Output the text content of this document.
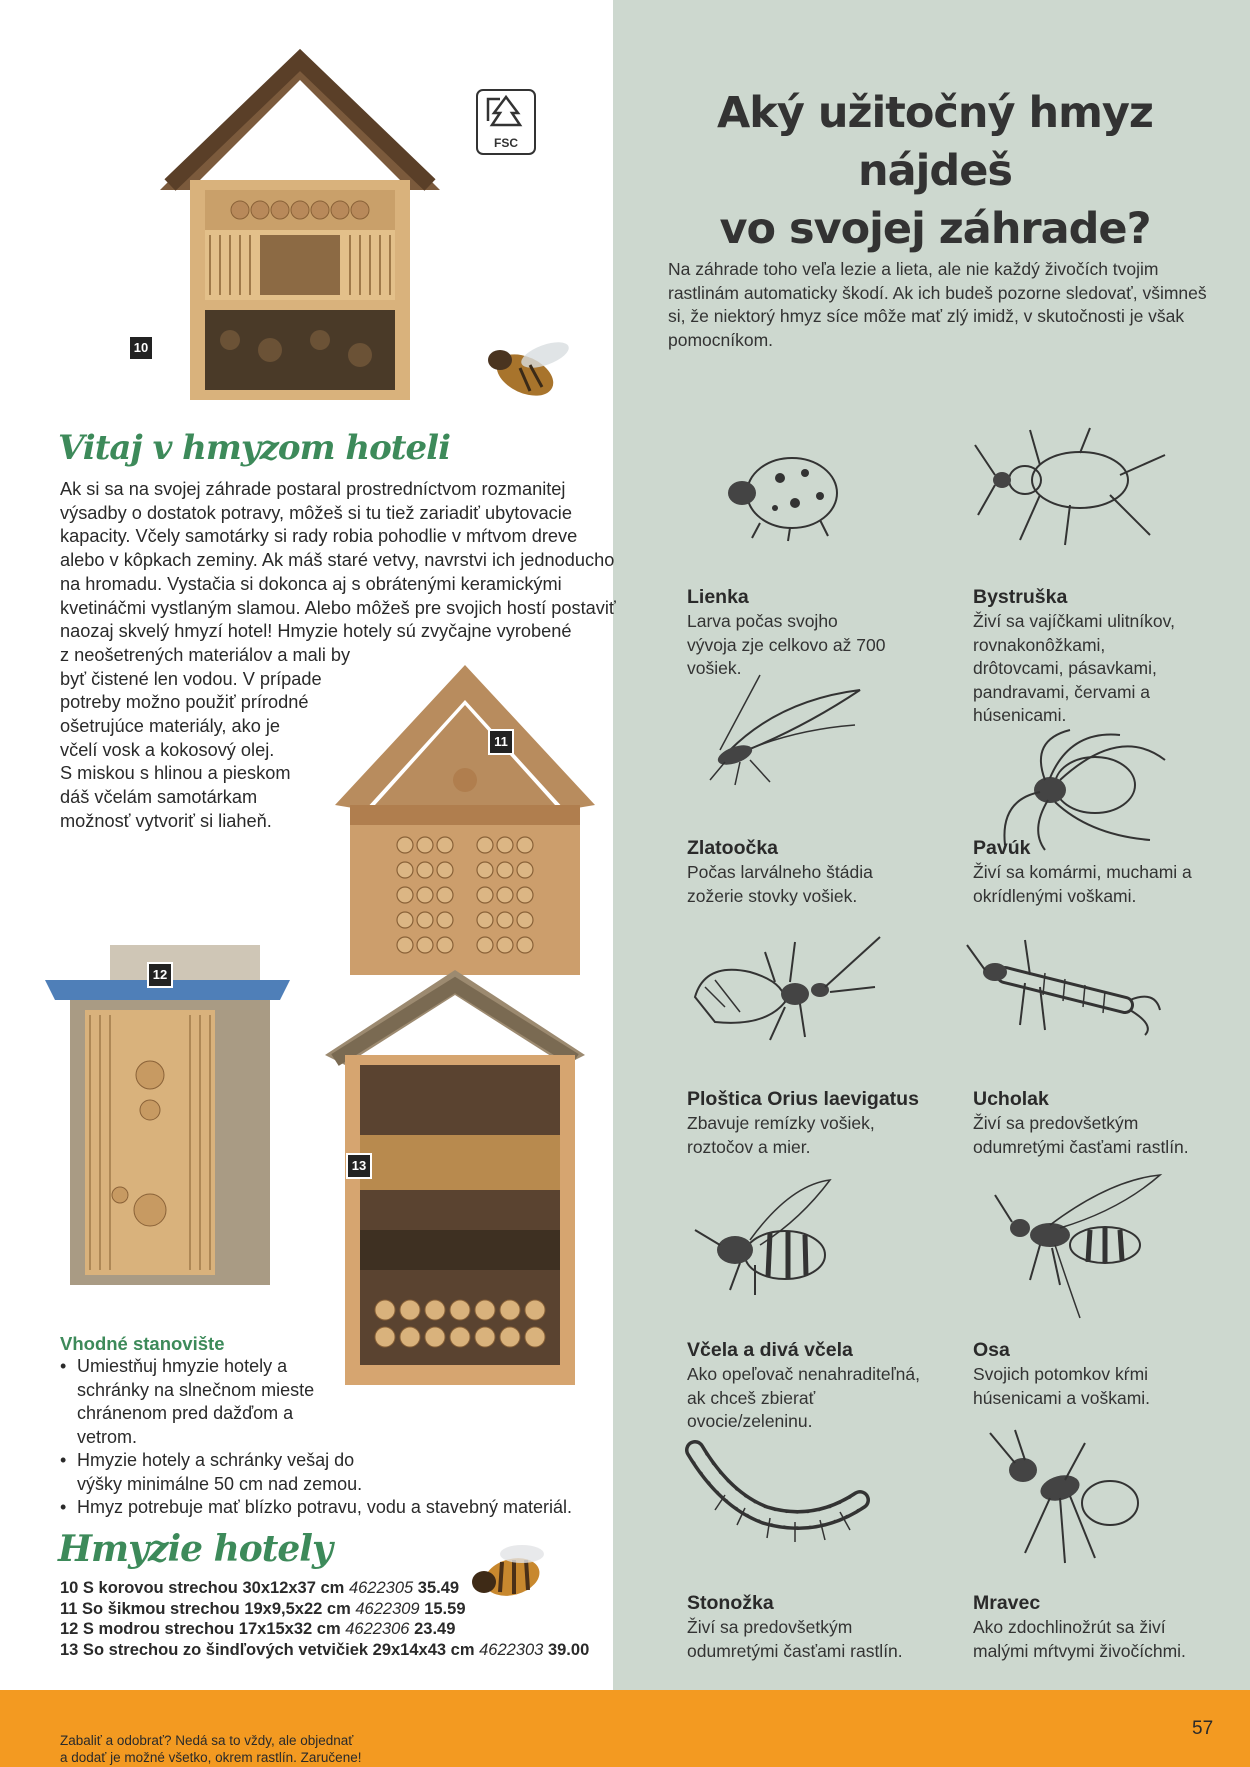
10
FSC
11
12
13
Aký užitočný hmyz nájdeš
vo svojej záhrade?
Na záhrade toho veľa lezie a lieta, ale nie každý živočích tvojim rastlinám automaticky škodí. Ak ich budeš pozorne sledovať, všimneš si, že niektorý hmyz síce môže mať zlý imidž, v skutočnosti je však pomocníkom.
Lienka
Larva počas svojho vývoja zje celkovo až 700 vošiek.
Bystruška
Živí sa vajíčkami ulitníkov, rovnakonôžkami, drôtovcami, pásavkami, pandravami, červami a húsenicami.
Zlatoočka
Počas larválneho štádia zožerie stovky vošiek.
Pavúk
Živí sa komármi, muchami a okrídlenými voškami.
Ploštica Orius laevigatus
Zbavuje remízky vošiek, roztočov a mier.
Ucholak
Živí sa predovšetkým odumretými časťami rastlín.
Včela a divá včela
Ako opeľovač nenahraditeľná, ak chceš zbierať ovocie/zeleninu.
Osa
Svojich potomkov kŕmi húsenicami a voškami.
Stonožka
Živí sa predovšetkým odumretými časťami rastlín.
Mravec
Ako zdochlinožrút sa živí malými mŕtvymi živočíchmi.
Vitaj v hmyzom hoteli
Ak si sa na svojej záhrade postaral prostredníctvom rozmanitej
výsadby o dostatok potravy, môžeš si tu tiež zariadiť ubytovacie
kapacity. Včely samotárky si rady robia pohodlie v mŕtvom dreve
alebo v kôpkach zeminy. Ak máš staré vetvy, navrstvi ich jednoducho
na hromadu. Vystačia si dokonca aj s obrátenými keramickými
kvetináčmi vystlaným slamou. Alebo môžeš pre svojich hostí postaviť
naozaj skvelý hmyzí hotel! Hmyzie hotely sú zvyčajne vyrobené
z neošetrených materiálov a mali by
byť čistené len vodou. V prípade
potreby možno použiť prírodné
ošetrujúce materiály, ako je
včelí vosk a kokosový olej.
S miskou s hlinou a pieskom
dáš včelám samotárkam
možnosť vytvoriť si liaheň.
Vhodné stanovište
• Umiestňuj hmyzie hotely a schránky na slnečnom mieste chránenom pred dažďom a vetrom.
• Hmyzie hotely a schránky vešaj do výšky minimálne 50 cm nad zemou.
• Hmyz potrebuje mať blízko potravu, vodu a stavebný materiál.
Hmyzie hotely
10 S korovou strechou 30x12x37 cm 4622305 35.49
11 So šikmou strechou 19x9,5x22 cm 4622309 15.59
12 S modrou strechou 17x15x32 cm 4622306 23.49
13 So strechou zo šindľových vetvičiek 29x14x43 cm 4622303 39.00
Zabaliť a odobrať? Nedá sa to vždy, ale objednať
a dodať je možné všetko, okrem rastlín. Zaručene!
57
